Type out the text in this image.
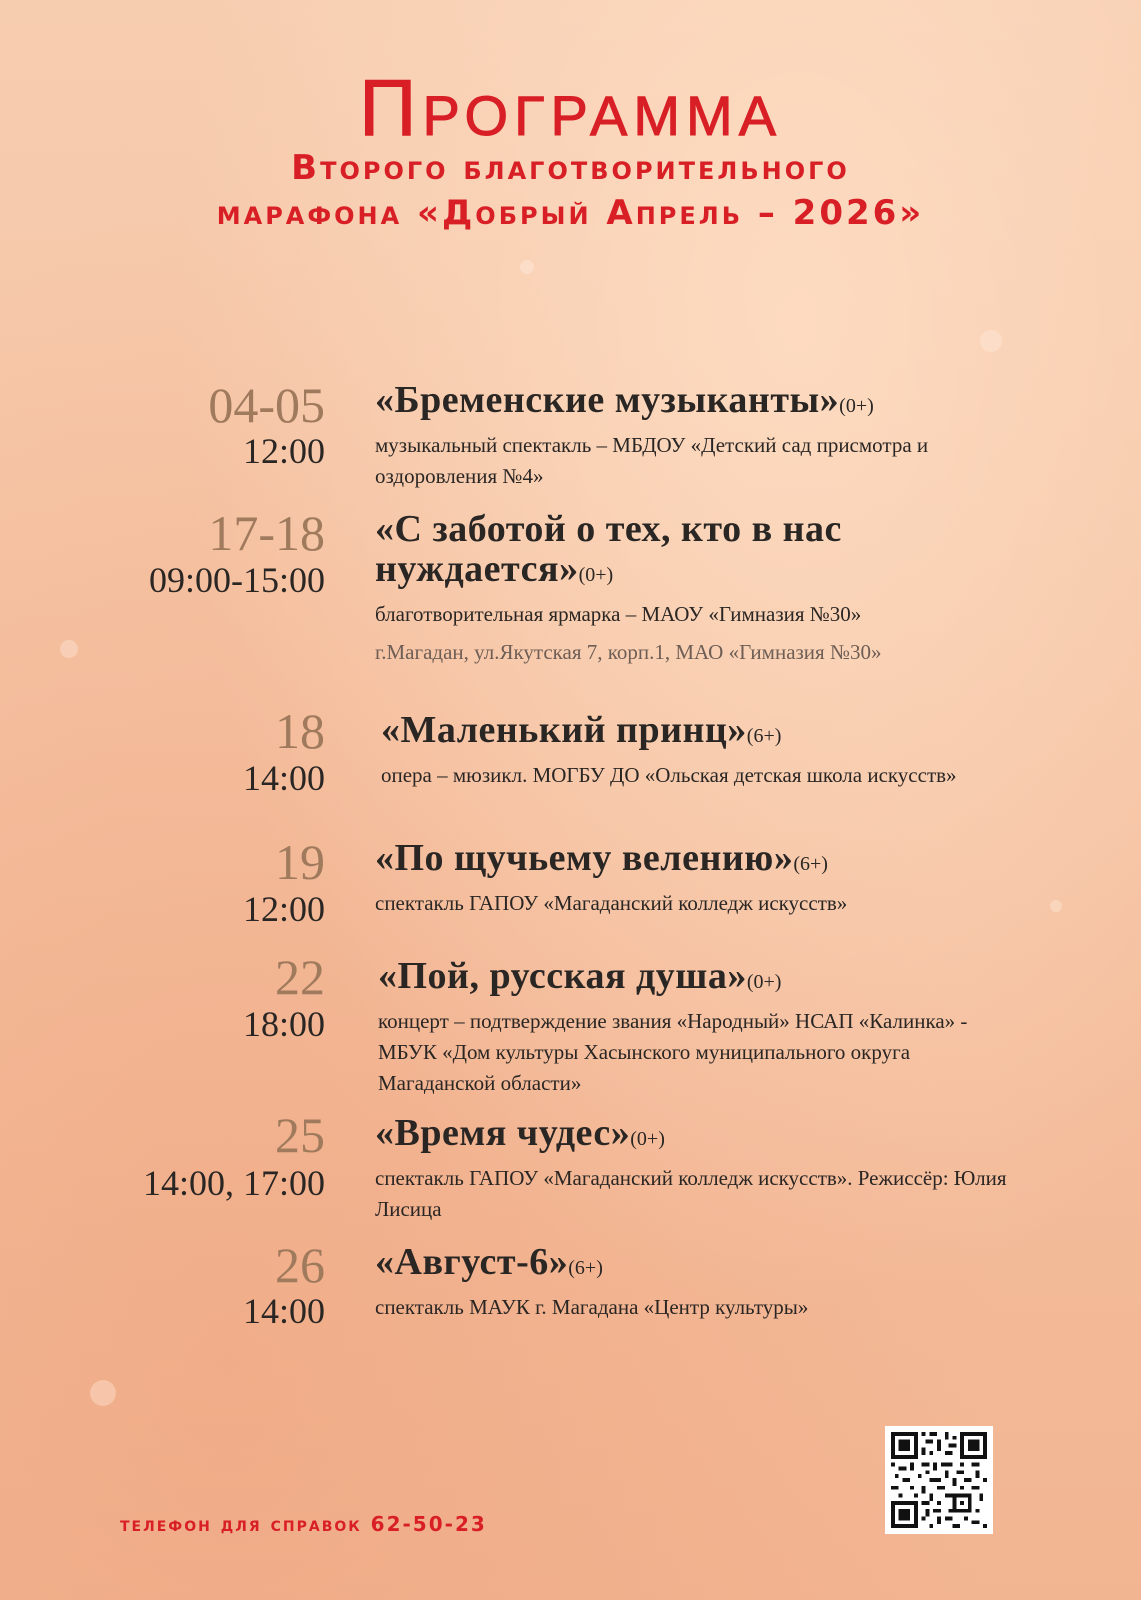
Программа
Второго благотворительного
марафона «Добрый Апрель – 2026»
04-05
12:00
«Бременские музыканты»(0+)
музыкальный спектакль – МБДОУ «Детский сад присмотра и оздоровления №4»
17-18
09:00-15:00
«С заботой о тех, кто в нас нуждается»(0+)
благотворительная ярмарка – МАОУ «Гимназия №30»
г.Магадан, ул.Якутская 7, корп.1, МАО «Гимназия №30»
18
14:00
«Маленький принц»(6+)
опера – мюзикл. МОГБУ ДО «Ольская детская школа искусств»
19
12:00
«По щучьему велению»(6+)
спектакль ГАПОУ «Магаданский колледж искусств»
22
18:00
«Пой, русская душа»(0+)
концерт – подтверждение звания «Народный» НСАП «Калинка» - МБУК «Дом культуры Хасынского муниципального округа Магаданской области»
25
14:00, 17:00
«Время чудес»(0+)
спектакль ГАПОУ «Магаданский колледж искусств». Режиссёр: Юлия Лисица
26
14:00
«Август-6»(6+)
спектакль МАУК г. Магадана «Центр культуры»
телефон для справок 62-50-23
